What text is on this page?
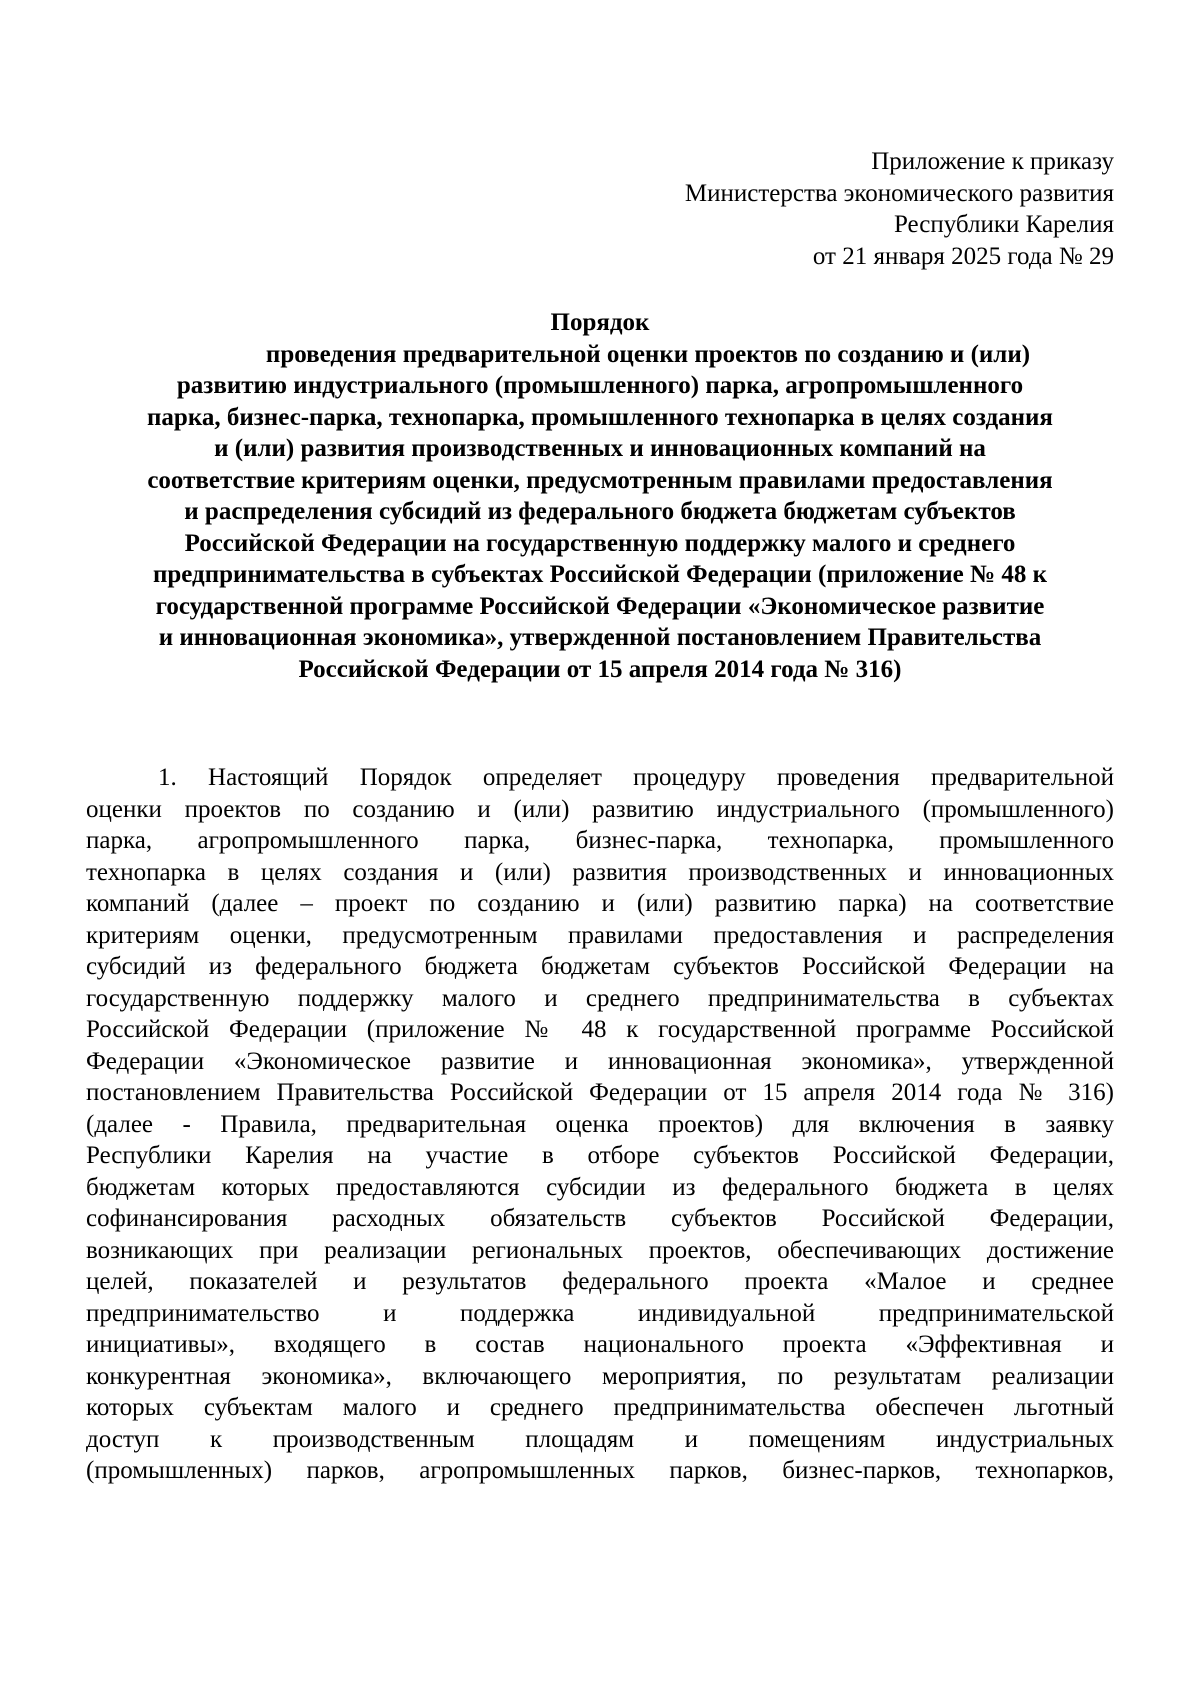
Приложение к приказу
Министерства экономического развития
Республики Карелия
от 21 января 2025 года № 29
Порядок
проведения предварительной оценки проектов по созданию и (или)
развитию индустриального (промышленного) парка, агропромышленного
парка, бизнес-парка, технопарка, промышленного технопарка в целях создания
и (или) развития производственных и инновационных компаний на
соответствие критериям оценки, предусмотренным правилами предоставления
и распределения субсидий из федерального бюджета бюджетам субъектов
Российской Федерации на государственную поддержку малого и среднего
предпринимательства в субъектах Российской Федерации (приложение № 48 к
государственной программе Российской Федерации «Экономическое развитие
и инновационная экономика», утвержденной постановлением Правительства
Российской Федерации от 15 апреля 2014 года № 316)
1. Настоящий Порядок определяет процедуру проведения предварительной
оценки проектов по созданию и (или) развитию индустриального (промышленного)
парка, агропромышленного парка, бизнес-парка, технопарка, промышленного
технопарка в целях создания и (или) развития производственных и инновационных
компаний (далее – проект по созданию и (или) развитию парка) на соответствие
критериям оценки, предусмотренным правилами предоставления и распределения
субсидий из федерального бюджета бюджетам субъектов Российской Федерации на
государственную поддержку малого и среднего предпринимательства в субъектах
Российской Федерации (приложение № 48 к государственной программе Российской
Федерации «Экономическое развитие и инновационная экономика», утвержденной
постановлением Правительства Российской Федерации от 15 апреля 2014 года № 316)
(далее - Правила, предварительная оценка проектов) для включения в заявку
Республики Карелия на участие в отборе субъектов Российской Федерации,
бюджетам которых предоставляются субсидии из федерального бюджета в целях
софинансирования расходных обязательств субъектов Российской Федерации,
возникающих при реализации региональных проектов, обеспечивающих достижение
целей, показателей и результатов федерального проекта «Малое и среднее
предпринимательство и поддержка индивидуальной предпринимательской
инициативы», входящего в состав национального проекта «Эффективная и
конкурентная экономика», включающего мероприятия, по результатам реализации
которых субъектам малого и среднего предпринимательства обеспечен льготный
доступ к производственным площадям и помещениям индустриальных
(промышленных) парков, агропромышленных парков, бизнес-парков, технопарков,
